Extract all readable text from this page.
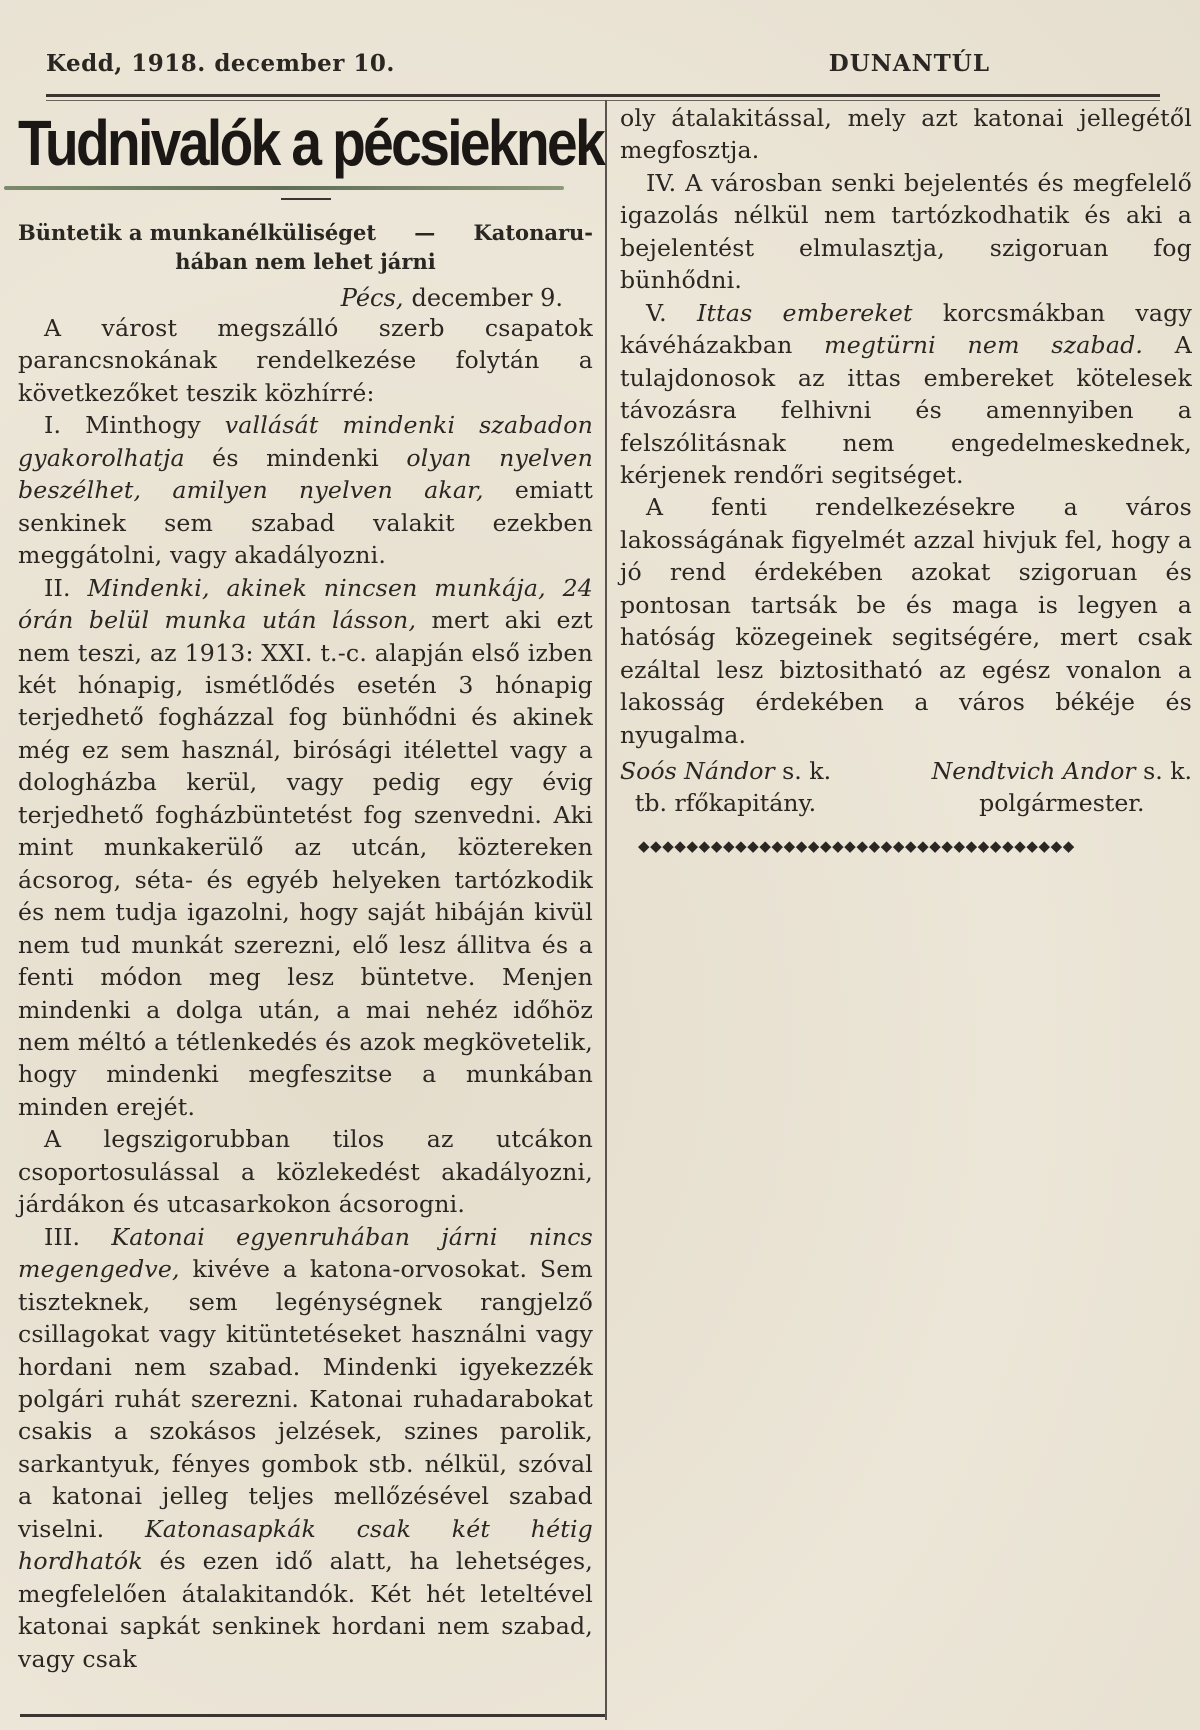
Kedd, 1918. december 10.	DUNANTÚL
Tudnivalók a pécsieknek
Büntetik a munkanélküliséget — Katonaru-
hában nem lehet járni
Pécs, december 9.

A várost megszálló szerb csapatok parancsnokának rendelkezése folytán a következőket teszik közhírré:

I. Minthogy vallását mindenki szabadon gyakorolhatja és mindenki olyan nyelven beszélhet, amilyen nyelven akar, emiatt senkinek sem szabad valakit ezekben meggátolni, vagy akadályozni.

II. Mindenki, akinek nincsen munkája, 24 órán belül munka után lásson, mert aki ezt nem teszi, az 1913: XXI. t.-c. alapján első izben két hónapig, ismétlődés esetén 3 hónapig terjedhető fogházzal fog bünhődni és akinek még ez sem használ, birósági itélettel vagy a dologházba kerül, vagy pedig egy évig terjedhető fogházbüntetést fog szenvedni. Aki mint munkakerülő az utcán, köztereken ácsorog, séta- és egyéb helyeken tartózkodik és nem tudja igazolni, hogy saját hibáján kivül nem tud munkát szerezni, elő lesz állitva és a fenti módon meg lesz büntetve. Menjen mindenki a dolga után, a mai nehéz időhöz nem méltó a tétlenkedés és azok megkövetelik, hogy mindenki megfeszitse a munkában minden erejét.

A legszigorubban tilos az utcákon csoportosulással a közlekedést akadályozni, járdákon és utcasarkokon ácsorogni.

III. Katonai egyenruhában járni nincs megengedve, kivéve a katona-orvosokat. Sem tiszteknek, sem legénységnek rangjelző csillagokat vagy kitüntetéseket használni vagy hordani nem szabad. Mindenki igyekezzék polgári ruhát szerezni. Katonai ruhadarabokat csakis a szokásos jelzések, szines parolik, sarkantyuk, fényes gombok stb. nélkül, szóval a katonai jelleg teljes mellőzésével szabad viselni. Katonasapkák csak két hétig hordhatók és ezen idő alatt, ha lehetséges, megfelelően átalakitandók. Két hét leteltével katonai sapkát senkinek hordani nem szabad, vagy csak

oly átalakitással, mely azt katonai jellegétől megfosztja.

IV. A városban senki bejelentés és megfelelő igazolás nélkül nem tartózkodhatik és aki a bejelentést elmulasztja, szigoruan fog bünhődni.

V. Ittas embereket korcsmákban vagy kávéházakban megtürni nem szabad. A tulajdonosok az ittas embereket kötelesek távozásra felhivni és amennyiben a felszólitásnak nem engedelmeskednek, kérjenek rendőri segitséget.

A fenti rendelkezésekre a város lakosságának figyelmét azzal hivjuk fel, hogy a jó rend érdekében azokat szigoruan és pontosan tartsák be és maga is legyen a hatóság közegeinek segitségére, mert csak ezáltal lesz biztositható az egész vonalon a lakosság érdekében a város békéje és nyugalma.

Soós Nándor s. k.
tb. rfőkapitány.
Nendtvich Andor s. k.
polgármester.
◆◆◆◆◆◆◆◆◆◆◆◆◆◆◆◆◆◆◆◆◆◆◆◆◆◆◆◆◆◆◆◆◆◆◆◆
